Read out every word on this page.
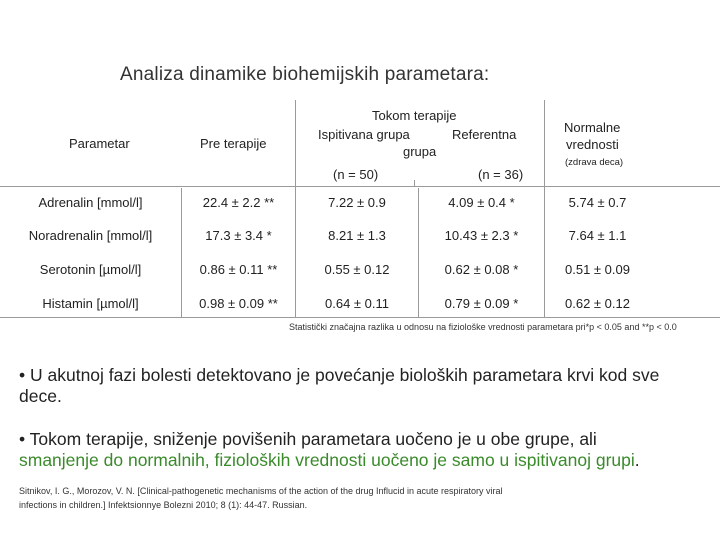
Analiza dinamike biohemijskih parametara:
Parametar	Pre terapije
Tokom terapije
Ispitivana grupa	Referentna
grupa
(n = 50)	(n = 36)
Normalne
vrednosti
(zdrava deca)
Adrenalin [mmol/l]	22.4 ± 2.2 **	7.22 ± 0.9	4.09 ± 0.4 *	5.74 ± 0.7
Noradrenalin [mmol/l]	17.3 ± 3.4 *	8.21 ± 1.3	10.43 ± 2.3 *	7.64 ± 1.1
Serotonin [µmol/l]	0.86 ± 0.11 **	0.55 ± 0.12	0.62 ± 0.08 *	0.51 ± 0.09
Histamin [µmol/l]	0.98 ± 0.09 **	0.64 ± 0.11	0.79 ± 0.09 *	0.62 ± 0.12
Statistički značajna razlika u odnosu na fiziološke vrednosti parametara pri*p < 0.05 and **p < 0.0
• U akutnoj fazi bolesti detektovano je povećanje bioloških parametara krvi kod sve dece.
• Tokom terapije, sniženje povišenih parametara uočeno je u obe grupe, ali smanjenje do normalnih, fizioloških vrednosti uočeno je samo u ispitivanoj grupi.
Sitnikov, I. G., Morozov, V. N. [Clinical-pathogenetic mechanisms of the action of the drug Influcid in acute respiratory viral
infections in children.] Infektsionnye Bolezni 2010; 8 (1): 44-47. Russian.
